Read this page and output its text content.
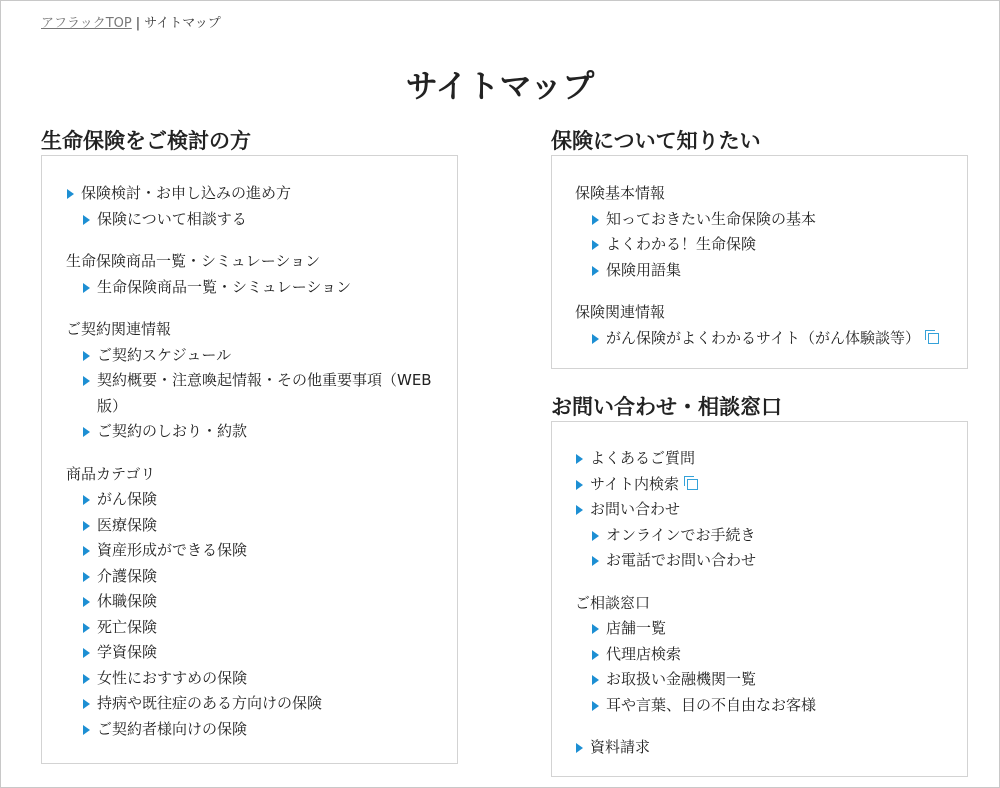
アフラックTOP | サイトマップ
サイトマップ
生命保険をご検討の方
保険検討・お申し込みの進め方
保険について相談する
生命保険商品一覧・シミュレーション
生命保険商品一覧・シミュレーション
ご契約関連情報
ご契約スケジュール
契約概要・注意喚起情報・その他重要事項（WEB
版）
ご契約のしおり・約款
商品カテゴリ
がん保険
医療保険
資産形成ができる保険
介護保険
休職保険
死亡保険
学資保険
女性におすすめの保険
持病や既往症のある方向けの保険
ご契約者様向けの保険
保険について知りたい
保険基本情報
知っておきたい生命保険の基本
よくわかる！生命保険
保険用語集
保険関連情報
がん保険がよくわかるサイト（がん体験談等）
お問い合わせ・相談窓口
よくあるご質問
サイト内検索
お問い合わせ
オンラインでお手続き
お電話でお問い合わせ
ご相談窓口
店舗一覧
代理店検索
お取扱い金融機関一覧
耳や言葉、目の不自由なお客様
資料請求
